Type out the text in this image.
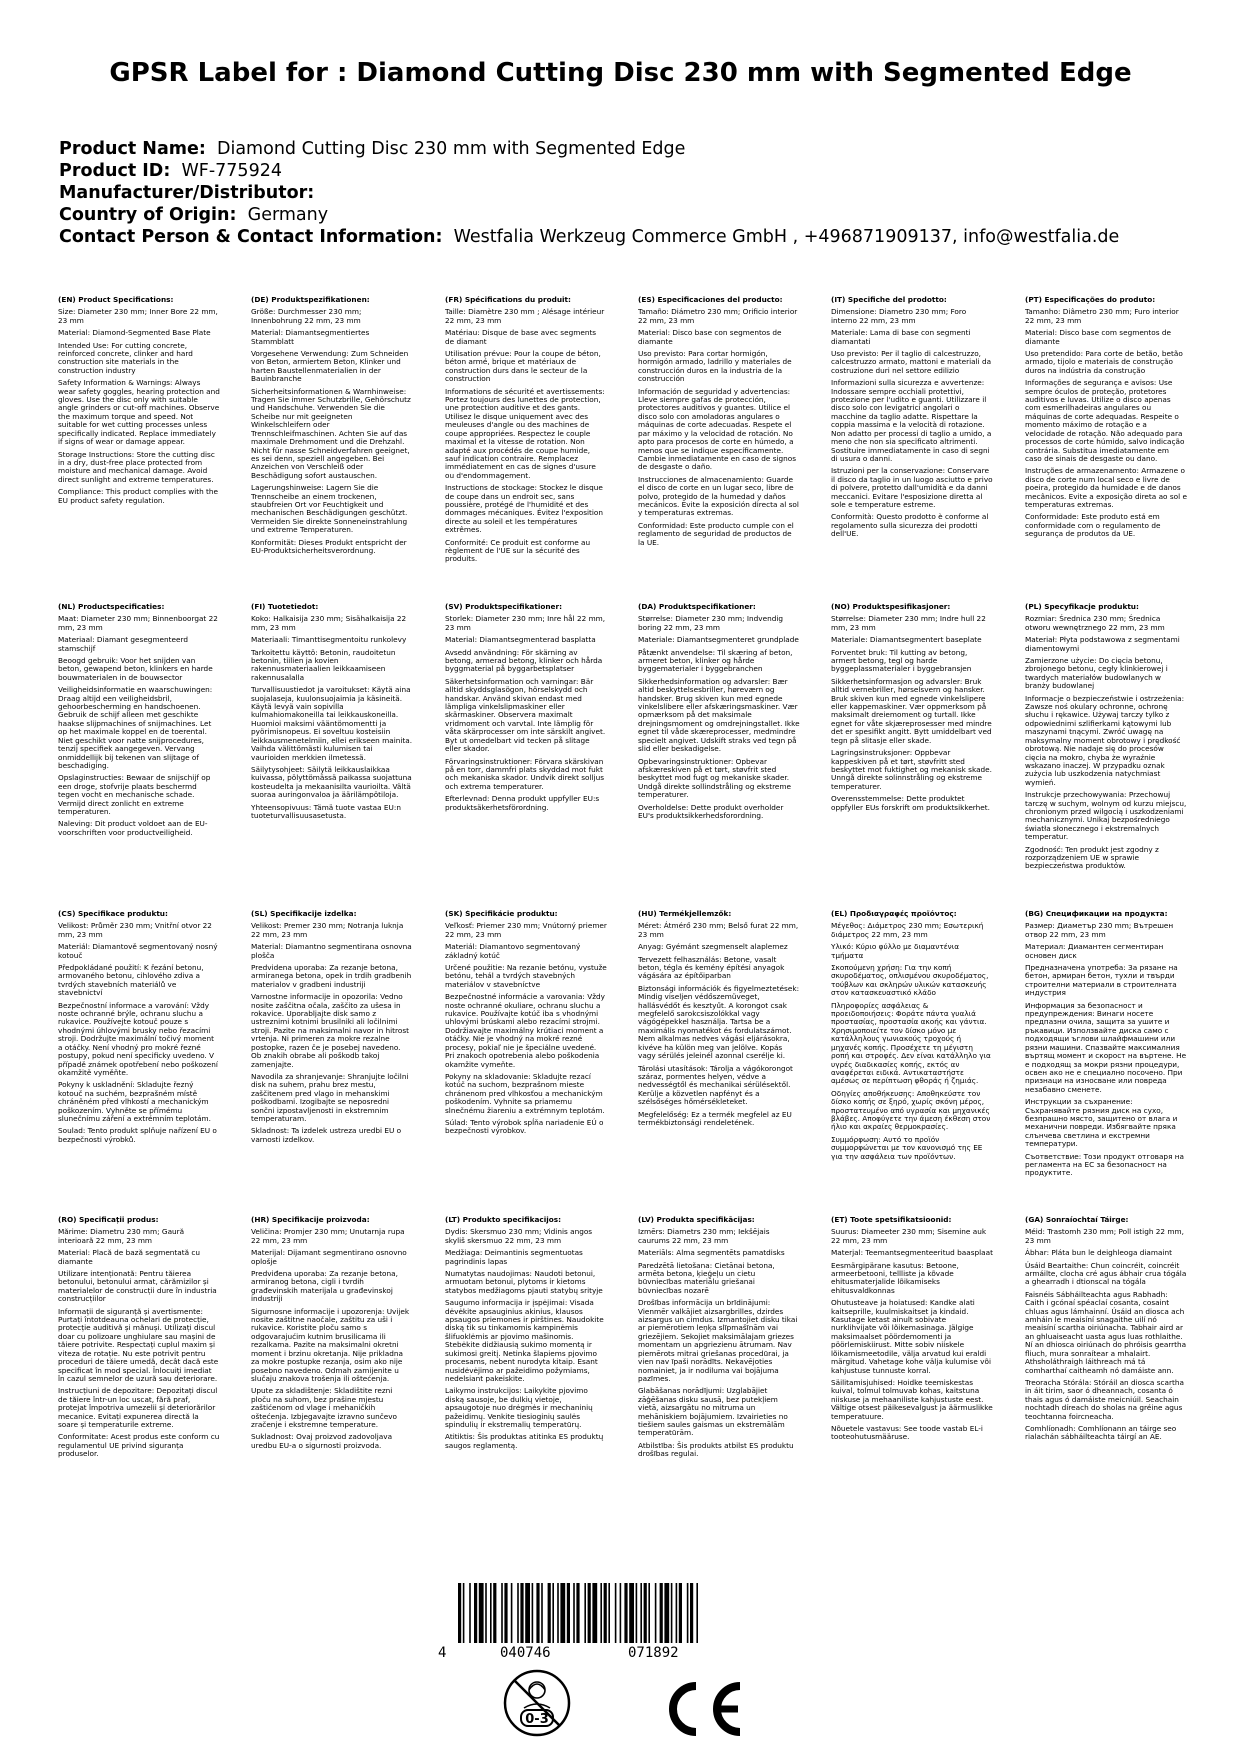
GPSR Label for : Diamond Cutting Disc 230 mm with Segmented Edge
Product Name: Diamond Cutting Disc 230 mm with Segmented Edge
Product ID: WF-775924
Manufacturer/Distributor:
Country of Origin: Germany
Contact Person & Contact Information: Westfalia Werkzeug Commerce GmbH , +496871909137, info@westfalia.de

(EN) Product Specifications:

Size: Diameter 230 mm; Inner Bore 22 mm, 23 mm

Material: Diamond-Segmented Base Plate

Intended Use: For cutting concrete, reinforced concrete, clinker and hard construction site materials in the construction industry

Safety Information & Warnings: Always wear safety goggles, hearing protection and gloves. Use the disc only with suitable angle grinders or cut-off machines. Observe the maximum torque and speed. Not suitable for wet cutting processes unless specifically indicated. Replace immediately if signs of wear or damage appear.

Storage Instructions: Store the cutting disc in a dry, dust-free place protected from moisture and mechanical damage. Avoid direct sunlight and extreme temperatures.

Compliance: This product complies with the EU product safety regulation.

(DE) Produktspezifikationen:

Größe: Durchmesser 230 mm; Innenbohrung 22 mm, 23 mm

Material: Diamantsegmentiertes Stammblatt

Vorgesehene Verwendung: Zum Schneiden von Beton, armiertem Beton, Klinker und harten Baustellenmaterialien in der Bauinbranche

Sicherheitsinformationen & Warnhinweise: Tragen Sie immer Schutzbrille, Gehörschutz und Handschuhe. Verwenden Sie die Scheibe nur mit geeigneten Winkelschleifern oder Trennschleifmaschinen. Achten Sie auf das maximale Drehmoment und die Drehzahl. Nicht für nasse Schneidverfahren geeignet, es sei denn, speziell angegeben. Bei Anzeichen von Verschleiß oder Beschädigung sofort austauschen.

Lagerungshinweise: Lagern Sie die Trennscheibe an einem trockenen, staubfreien Ort vor Feuchtigkeit und mechanischen Beschädigungen geschützt. Vermeiden Sie direkte Sonneneinstrahlung und extreme Temperaturen.

Konformität: Dieses Produkt entspricht der EU-Produktsicherheitsverordnung.

(FR) Spécifications du produit:

Taille: Diamètre 230 mm ; Alésage intérieur 22 mm, 23 mm

Matériau: Disque de base avec segments de diamant

Utilisation prévue: Pour la coupe de béton, béton armé, brique et matériaux de construction durs dans le secteur de la construction

Informations de sécurité et avertissements: Portez toujours des lunettes de protection, une protection auditive et des gants. Utilisez le disque uniquement avec des meuleuses d'angle ou des machines de coupe appropriées. Respectez le couple maximal et la vitesse de rotation. Non adapté aux procédés de coupe humide, sauf indication contraire. Remplacez immédiatement en cas de signes d'usure ou d'endommagement.

Instructions de stockage: Stockez le disque de coupe dans un endroit sec, sans poussière, protégé de l'humidité et des dommages mécaniques. Évitez l'exposition directe au soleil et les températures extrêmes.

Conformité: Ce produit est conforme au règlement de l'UE sur la sécurité des produits.

(ES) Especificaciones del producto:

Tamaño: Diámetro 230 mm; Orificio interior 22 mm, 23 mm

Material: Disco base con segmentos de diamante

Uso previsto: Para cortar hormigón, hormigón armado, ladrillo y materiales de construcción duros en la industria de la construcción

Información de seguridad y advertencias: Lleve siempre gafas de protección, protectores auditivos y guantes. Utilice el disco solo con amoladoras angulares o máquinas de corte adecuadas. Respete el par máximo y la velocidad de rotación. No apto para procesos de corte en húmedo, a menos que se indique específicamente. Cambie inmediatamente en caso de signos de desgaste o daño.

Instrucciones de almacenamiento: Guarde el disco de corte en un lugar seco, libre de polvo, protegido de la humedad y daños mecánicos. Evite la exposición directa al sol y temperaturas extremas.

Conformidad: Este producto cumple con el reglamento de seguridad de productos de la UE.

(IT) Specifiche del prodotto:

Dimensione: Diametro 230 mm; Foro interno 22 mm, 23 mm

Materiale: Lama di base con segmenti diamantati

Uso previsto: Per il taglio di calcestruzzo, calcestruzzo armato, mattoni e materiali da costruzione duri nel settore edilizio

Informazioni sulla sicurezza e avvertenze: Indossare sempre occhiali protettivi, protezione per l'udito e guanti. Utilizzare il disco solo con levigatrici angolari o macchine da taglio adatte. Rispettare la coppia massima e la velocità di rotazione. Non adatto per processi di taglio a umido, a meno che non sia specificato altrimenti. Sostituire immediatamente in caso di segni di usura o danni.

Istruzioni per la conservazione: Conservare il disco da taglio in un luogo asciutto e privo di polvere, protetto dall'umidità e da danni meccanici. Evitare l'esposizione diretta al sole e temperature estreme.

Conformità: Questo prodotto è conforme al regolamento sulla sicurezza dei prodotti dell'UE.

(PT) Especificações do produto:

Tamanho: Diâmetro 230 mm; Furo interior 22 mm, 23 mm

Material: Disco base com segmentos de diamante

Uso pretendido: Para corte de betão, betão armado, tijolo e materiais de construção duros na indústria da construção

Informações de segurança e avisos: Use sempre óculos de proteção, protetores auditivos e luvas. Utilize o disco apenas com esmerilhadeiras angulares ou máquinas de corte adequadas. Respeite o momento máximo de rotação e a velocidade de rotação. Não adequado para processos de corte húmido, salvo indicação contrária. Substitua imediatamente em caso de sinais de desgaste ou dano.

Instruções de armazenamento: Armazene o disco de corte num local seco e livre de poeira, protegido da humidade e de danos mecânicos. Evite a exposição direta ao sol e temperaturas extremas.

Conformidade: Este produto está em conformidade com o regulamento de segurança de produtos da UE.

(NL) Productspecificaties:

Maat: Diameter 230 mm; Binnenboorgat 22 mm, 23 mm

Materiaal: Diamant gesegmenteerd stamschijf

Beoogd gebruik: Voor het snijden van beton, gewapend beton, klinkers en harde bouwmaterialen in de bouwsector

Veiligheidsinformatie en waarschuwingen: Draag altijd een veiligheidsbril, gehoorbescherming en handschoenen. Gebruik de schijf alleen met geschikte haakse slijpmachines of snijmachines. Let op het maximale koppel en de toerental. Niet geschikt voor natte snijprocedures, tenzij specifiek aangegeven. Vervang onmiddellijk bij tekenen van slijtage of beschadiging.

Opslaginstructies: Bewaar de snijschijf op een droge, stofvrije plaats beschermd tegen vocht en mechanische schade. Vermijd direct zonlicht en extreme temperaturen.

Naleving: Dit product voldoet aan de EU-voorschriften voor productveiligheid.

(FI) Tuotetiedot:

Koko: Halkaisija 230 mm; Sisähalkaisija 22 mm, 23 mm

Materiaali: Timanttisegmentoitu runkolevy

Tarkoitettu käyttö: Betonin, raudoitetun betonin, tiilien ja kovien rakennusmateriaalien leikkaamiseen rakennusalalla

Turvallisuustiedot ja varoitukset: Käytä aina suojalaseja, kuulonsuojaimia ja käsineitä. Käytä levyä vain sopivilla kulmahiomakoneilla tai leikkauskoneilla. Huomioi maksimi vääntömomentti ja pyörimisnopeus. Ei soveltuu kosteisiin leikkausmenetelmiin, ellei erikseen mainita. Vaihda välittömästi kulumisen tai vaurioiden merkkien ilmetessä.

Säilytysohjeet: Säilytä leikkauslaikkaa kuivassa, pölyttömässä paikassa suojattuna kosteudelta ja mekaanisilta vaurioilta. Vältä suoraa auringonvaloa ja äärilämpötiloja.

Yhteensopivuus: Tämä tuote vastaa EU:n tuoteturvallisuusasetusta.

(SV) Produktspecifikationer:

Storlek: Diameter 230 mm; Inre hål 22 mm, 23 mm

Material: Diamantsegmenterad basplatta

Avsedd användning: För skärning av betong, armerad betong, klinker och hårda byggmaterial på byggarbetsplatser

Säkerhetsinformation och varningar: Bär alltid skyddsglasögon, hörselskydd och handskar. Använd skivan endast med lämpliga vinkelslipmaskiner eller skärmaskiner. Observera maximalt vridmoment och varvtal. Inte lämplig för våta skärprocesser om inte särskilt angivet. Byt ut omedelbart vid tecken på slitage eller skador.

Förvaringsinstruktioner: Förvara skärskivan på en torr, dammfri plats skyddad mot fukt och mekaniska skador. Undvik direkt solljus och extrema temperaturer.

Efterlevnad: Denna produkt uppfyller EU:s produktsäkerhetsförordning.

(DA) Produktspecifikationer:

Størrelse: Diameter 230 mm; Indvendig boring 22 mm, 23 mm

Materiale: Diamantsegmenteret grundplade

Påtænkt anvendelse: Til skæring af beton, armeret beton, klinker og hårde byggematerialer i byggebranchen

Sikkerhedsinformation og advarsler: Bær altid beskyttelsesbriller, høreværn og handsker. Brug skiven kun med egnede vinkelslibere eller afskæringsmaskiner. Vær opmærksom på det maksimale drejningsmoment og omdrejningstallet. Ikke egnet til våde skæreprocesser, medmindre specielt angivet. Udskift straks ved tegn på slid eller beskadigelse.

Opbevaringsinstruktioner: Opbevar afskæreskiven på et tørt, støvfrit sted beskyttet mod fugt og mekaniske skader. Undgå direkte sollindstråling og ekstreme temperaturer.

Overholdelse: Dette produkt overholder EU's produktsikkerhedsforordning.

(NO) Produktspesifikasjoner:

Størrelse: Diameter 230 mm; Indre hull 22 mm, 23 mm

Materiale: Diamantsegmentert baseplate

Forventet bruk: Til kutting av betong, armert betong, tegl og harde byggeplassmaterialer i byggebransjen

Sikkerhetsinformasjon og advarsler: Bruk alltid vernebriller, hørselsvern og hansker. Bruk skiven kun med egnede vinkelslipere eller kappemaskiner. Vær oppmerksom på maksimalt dreiemoment og turtall. Ikke egnet for våte skjæreprosesser med mindre det er spesifikt angitt. Bytt umiddelbart ved tegn på slitasje eller skade.

Lagringsinstruksjoner: Oppbevar kappeskiven på et tørt, støvfritt sted beskyttet mot fuktighet og mekanisk skade. Unngå direkte solinnstråling og ekstreme temperaturer.

Overensstemmelse: Dette produktet oppfyller EUs forskrift om produktsikkerhet.

(PL) Specyfikacje produktu:

Rozmiar: Średnica 230 mm; Średnica otworu wewnętrznego 22 mm, 23 mm

Materiał: Płyta podstawowa z segmentami diamentowymi

Zamierzone użycie: Do cięcia betonu, zbrojonego betonu, cegły klinkierowej i twardych materiałów budowlanych w branży budowlanej

Informacje o bezpieczeństwie i ostrzeżenia: Zawsze noś okulary ochronne, ochronę słuchu i rękawice. Używaj tarczy tylko z odpowiednimi szlifierkami kątowymi lub maszynami tnącymi. Zwróć uwagę na maksymalny moment obrotowy i prędkość obrotową. Nie nadaje się do procesów cięcia na mokro, chyba że wyraźnie wskazano inaczej. W przypadku oznak zużycia lub uszkodzenia natychmiast wymień.

Instrukcje przechowywania: Przechowuj tarczę w suchym, wolnym od kurzu miejscu, chronionym przed wilgocią i uszkodzeniami mechanicznymi. Unikaj bezpośredniego światła słonecznego i ekstremalnych temperatur.

Zgodność: Ten produkt jest zgodny z rozporządzeniem UE w sprawie bezpieczeństwa produktów.

(CS) Specifikace produktu:

Velikost: Průměr 230 mm; Vnitřní otvor 22 mm, 23 mm

Materiál: Diamantově segmentovaný nosný kotouč

Předpokládané použití: K řezání betonu, armovaného betonu, cihlového zdiva a tvrdých stavebních materiálů ve stavebnictví

Bezpečnostní informace a varování: Vždy noste ochranné brýle, ochranu sluchu a rukavice. Používejte kotouč pouze s vhodnými úhlovými brusky nebo řezacími stroji. Dodržujte maximální točivý moment a otáčky. Není vhodný pro mokré řezné postupy, pokud není specificky uvedeno. V případě známek opotřebení nebo poškození okamžitě vyměňte.

Pokyny k uskladnění: Skladujte řezný kotouč na suchém, bezprašném místě chráněném před vlhkostí a mechanickým poškozením. Vyhněte se přímému slunečnímu záření a extrémním teplotám.

Soulad: Tento produkt splňuje nařízení EU o bezpečnosti výrobků.

(SL) Specifikacije izdelka:

Velikost: Premer 230 mm; Notranja luknja 22 mm, 23 mm

Material: Diamantno segmentirana osnovna plošča

Predvidena uporaba: Za rezanje betona, armiranega betona, opek in trdih gradbenih materialov v gradbeni industriji

Varnostne informacije in opozorila: Vedno nosite zaščitna očala, zaščito za ušesa in rokavice. Uporabljajte disk samo z ustreznimi kotnimi brusilniki ali ločilnimi stroji. Pazite na maksimalni navor in hitrost vrtenja. Ni primeren za mokre rezalne postopke, razen če je posebej navedeno. Ob znakih obrabe ali poškodb takoj zamenjajte.

Navodila za shranjevanje: Shranjujte ločilni disk na suhem, prahu brez mestu, zaščitenem pred vlago in mehanskimi poškodbami. Izogibajte se neposredni sončni izpostavljenosti in ekstremnim temperaturam.

Skladnost: Ta izdelek ustreza uredbi EU o varnosti izdelkov.

(SK) Špecifikácie produktu:

Veľkosť: Priemer 230 mm; Vnútorný priemer 22 mm, 23 mm

Materiál: Diamantovo segmentovaný základný kotúč

Určené použitie: Na rezanie betónu, vystuže betónu, tehál a tvrdých stavebných materiálov v stavebníctve

Bezpečnostné informácie a varovania: Vždy noste ochranné okuliare, ochranu sluchu a rukavice. Používajte kotúč iba s vhodnými uhlovými brúskami alebo rezacími strojmi. Dodržiavajte maximálny krútiaci moment a otáčky. Nie je vhodný na mokré rezné procesy, pokiaľ nie je špeciálne uvedené. Pri znakoch opotrebenia alebo poškodenia okamžite vymeňte.

Pokyny na skladovanie: Skladujte rezací kotúč na suchom, bezprašnom mieste chránenom pred vlhkosťou a mechanickým poškodením. Vyhnite sa priamemu slnečnému žiareniu a extrémnym teplotám.

Súlad: Tento výrobok spĺňa nariadenie EÚ o bezpečnosti výrobkov.

(HU) Termékjellemzők:

Méret: Átmérő 230 mm; Belső furat 22 mm, 23 mm

Anyag: Gyémánt szegmenselt alaplemez

Tervezett felhasználás: Betone, vasalt beton, tégla és kemény építési anyagok vágására az építőiparban

Biztonsági információk és figyelmeztetések: Mindig viseljen védőszemüveget, hallásvédőt és kesztyűt. A korongot csak megfelelő sarokcsiszolókkal vagy vágógépekkel használja. Tartsa be a maximális nyomatékot és fordulatszámot. Nem alkalmas nedves vágási eljárásokra, kivéve ha külön meg van jelölve. Kopás vagy sérülés jeleinél azonnal cserélje ki.

Tárolási utasítások: Tárolja a vágókorongot száraz, pormentes helyen, védve a nedvességtől és mechanikai sérülésektől. Kerülje a közvetlen napfényt és a szélsőséges hőmérsékleteket.

Megfelelőség: Ez a termék megfelel az EU termékbiztonsági rendeletének.

(EL) Προδιαγραφές προϊόντος:

Μέγεθος: Διάμετρος 230 mm; Εσωτερική διάμετρος 22 mm, 23 mm

Υλικό: Κύριο φύλλο με διαμαντένια τμήματα

Σκοπούμενη χρήση: Για την κοπή σκυροδέματος, οπλισμένου σκυροδέματος, τούβλων και σκληρών υλικών κατασκευής στον κατασκευαστικό κλάδο

Πληροφορίες ασφάλειας & προειδοποιήσεις: Φοράτε πάντα γυαλιά προστασίας, προστασία ακοής και γάντια. Χρησιμοποιείτε τον δίσκο μόνο με κατάλληλους γωνιακούς τροχούς ή μηχανές κοπής. Προσέχετε τη μέγιστη ροπή και στροφές. Δεν είναι κατάλληλο για υγρές διαδικασίες κοπής, εκτός αν αναφέρεται ειδικά. Αντικαταστήστε αμέσως σε περίπτωση φθοράς ή ζημιάς.

Οδηγίες αποθήκευσης: Αποθηκεύστε τον δίσκο κοπής σε ξηρό, χωρίς σκόνη μέρος, προστατευμένο από υγρασία και μηχανικές βλάβες. Αποφύγετε την άμεση έκθεση στον ήλιο και ακραίες θερμοκρασίες.

Συμμόρφωση: Αυτό το προϊόν συμμορφώνεται με τον κανονισμό της ΕΕ για την ασφάλεια των προϊόντων.

(BG) Спецификации на продукта:

Размер: Диаметър 230 mm; Вътрешен отвор 22 mm, 23 mm

Материал: Диамантен сегментиран основен диск

Предназначена употреба: За рязане на бетон, армиран бетон, тухли и твърди строителни материали в строителната индустрия

Информация за безопасност и предупреждения: Винаги носете предпазни очила, защита за ушите и ръкавици. Използвайте диска само с подходящи ъглови шлайфмашини или рязни машини. Спазвайте максималния въртящ момент и скорост на въртене. Не е подходящ за мокри рязни процедури, освен ако не е специално посочено. При признаци на износване или повреда незабавно сменете.

Инструкции за съхранение: Съхранявайте рязния диск на сухо, безпрашно място, защитено от влага и механични повреди. Избягвайте пряка слънчева светлина и екстремни температури.

Съответствие: Този продукт отговаря на регламента на ЕС за безопасност на продуктите.

(RO) Specificații produs:

Mărime: Diametru 230 mm; Gaură interioară 22 mm, 23 mm

Material: Placă de bază segmentată cu diamante

Utilizare intenționată: Pentru tăierea betonului, betonului armat, cărămizilor și materialelor de construcții dure în industria construcțiilor

Informații de siguranță și avertismente: Purtați întotdeauna ochelari de protecție, protecție auditivă și mănuși. Utilizați discul doar cu polizoare unghiulare sau mașini de tăiere potrivite. Respectați cuplul maxim și viteza de rotație. Nu este potrivit pentru proceduri de tăiere umedă, decât dacă este specificat în mod special. Înlocuiți imediat în cazul semnelor de uzură sau deteriorare.

Instrucțiuni de depozitare: Depozitați discul de tăiere într-un loc uscat, fără praf, protejat împotriva umezelii și deteriorărilor mecanice. Evitați expunerea directă la soare și temperaturile extreme.

Conformitate: Acest produs este conform cu regulamentul UE privind siguranța produselor.

(HR) Specifikacije proizvoda:

Veličina: Promjer 230 mm; Unutarnja rupa 22 mm, 23 mm

Materijal: Dijamant segmentirano osnovno oplošje

Predviđena uporaba: Za rezanje betona, armiranog betona, cigli i tvrdih građevinskih materijala u građevinskoj industriji

Sigurnosne informacije i upozorenja: Uvijek nosite zaštitne naočale, zaštitu za uši i rukavice. Koristite ploču samo s odgovarajućim kutnim brusilicama ili rezalkama. Pazite na maksimalni okretni moment i brzinu okretanja. Nije prikladna za mokre postupke rezanja, osim ako nije posebno navedeno. Odmah zamijenite u slučaju znakova trošenja ili oštećenja.

Upute za skladištenje: Skladištite rezni ploču na suhom, bez prašine mjestu zaštićenom od vlage i mehaničkih oštećenja. Izbjegavajte izravno sunčevo zračenje i ekstremne temperature.

Sukladnost: Ovaj proizvod zadovoljava uredbu EU-a o sigurnosti proizvoda.

(LT) Produkto specifikacijos:

Dydis: Skersmuo 230 mm; Vidinis angos skyliš skersmuo 22 mm, 23 mm

Medžiaga: Deimantinis segmentuotas pagrindinis lapas

Numatytas naudojimas: Naudoti betonui, armuotam betonui, plytoms ir kietoms statybos medžiagoms pjauti statybų srityje

Saugumo informacija ir įspėjimai: Visada dėvėkite apsauginius akinius, klausos apsaugos priemones ir pirštines. Naudokite diską tik su tinkamomis kampinėmis šlifuoklėmis ar pjovimo mašinomis. Stebėkite didžiausią sukimo momentą ir sukimosi greitį. Netinka šlapiems pjovimo procesams, nebent nurodyta kitaip. Esant nusidėvėjimo ar pažeidimo požymiams, nedelsiant pakeiskite.

Laikymo instrukcijos: Laikykite pjovimo diską sausoje, be dulkių vietoje, apsaugotoje nuo drėgmės ir mechaninių pažeidimų. Venkite tiesioginių saulės spindulių ir ekstremalių temperatūrų.

Atitiktis: Šis produktas atitinka ES produktų saugos reglamentą.

(LV) Produkta specifikācijas:

Izmērs: Diametrs 230 mm; Iekšējais caurums 22 mm, 23 mm

Materiāls: Alma segmentēts pamatdisks

Paredzētā lietošana: Cietānai betona, armēta betona, ķieģeļu un cietu būvniecības materiālu griešanai būvniecības nozarē

Drošības informācija un brīdinājumi: Vienmēr valkājiet aizsargbrilles, dzirdes aizsargus un cimdus. Izmantojiet disku tikai ar piemērotiem leņķa slīpmašīnām vai griezējiem. Sekojiet maksimālajam griezes momentam un apgriezienu ātrumam. Nav piemērots mitrai griešanas procedūrai, ja vien nav īpaši norādīts. Nekavējoties nomainiet, ja ir nodiluma vai bojājuma pazīmes.

Glabāšanas norādījumi: Uzglabājiet zāģēšanas disku sausā, bez putekļiem vietā, aizsargātu no mitruma un mehāniskiem bojājumiem. Izvairieties no tiešiem saules gaismas un ekstremālām temperatūrām.

Atbilstība: Šis produkts atbilst ES produktu drošības regulai.

(ET) Toote spetsifikatsioonid:

Suurus: Diameeter 230 mm; Sisemine auk 22 mm, 23 mm

Materjal: Teemantsegmenteeritud baasplaat

Eesmärgipärane kasutus: Betoone, armeerbetooni, tellliste ja kõvade ehitusmaterjalide lõikamiseks ehitusvaldkonnas

Ohutusteave ja hoiatused: Kandke alati kaitseprille, kuulmiskaitset ja kindaid. Kasutage ketast ainult sobivate nurklihvijate või lõikemasinaga. Jälgige maksimaalset pöördemomenti ja pöörlemiskiirust. Mitte sobiv niiskele lõikamismeetodile, välja arvatud kui eraldi märgitud. Vahetage kohe välja kulumise või kahjustuse tunnuste korral.

Säilitamisjuhised: Hoidke teemiskestas kuival, tolmul tolmuvab kohas, kaitstuna niiskuse ja mehaaniliste kahjustuste eest. Vältige otsest päikesevalgust ja äärmuslikke temperatuure.

Nõuetele vastavus: See toode vastab EL-i tooteohutusmääruse.

(GA) Sonraíochtaí Táirge:

Méid: Trastomh 230 mm; Poll istigh 22 mm, 23 mm

Ábhar: Pláta bun le deighleoga diamaint

Úsáid Beartaithe: Chun coincréit, coincréit armáilte, clocha cré agus ábhair crua tógála a ghearradh i dtionscal na tógála

Faisnéis Sábháilteachta agus Rabhadh: Caith i gcónaí spéaclaí cosanta, cosaint chluas agus lámhainní. Úsáid an diosca ach amháin le meaisíní snagaithe uilí nó meaisíní scartha oiriúnacha. Tabhair aird ar an ghluaiseacht uasta agus luas rothlaithe. Ní an dhiosca oiriúnach do phróisis gearrtha fliuch, mura sonraítear a mhalairt. Athsholáthraigh láithreach má tá comharthaí caitheamh nó damáiste ann.

Treoracha Stórála: Stóráil an diosca scartha in áit tirim, saor ó dheannach, cosanta ó thais agus ó damáiste meicniúil. Seachain nochtadh díreach do sholas na gréine agus teochtanna foircneacha.

Comhlíonadh: Comhlíonann an táirge seo rialachán sábháilteachta táirgí an AE.

4	040746	071892
0-3
